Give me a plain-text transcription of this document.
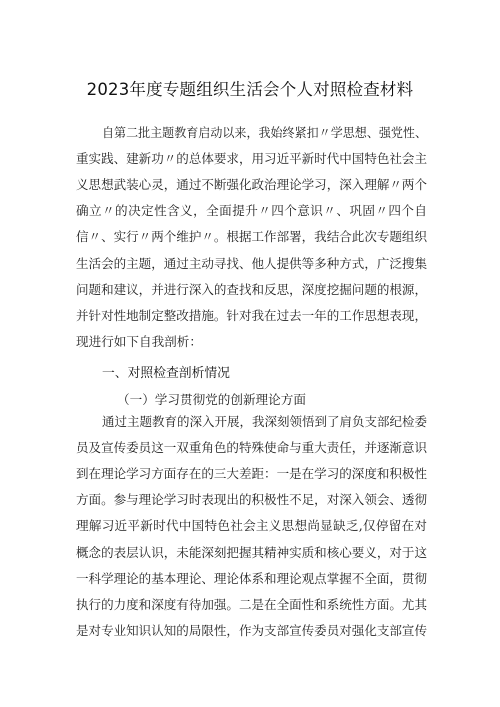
2023年度专题组织生活会个人对照检查材料
自第二批主题教育启动以来，我始终紧扣〃学思想、强党性、
重实践、建新功〃的总体要求，用习近平新时代中国特色社会主
义思想武装心灵，通过不断强化政治理论学习，深入理解〃两个
确立〃的决定性含义，全面提升〃四个意识〃、巩固〃四个自
信〃、实行〃两个维护〃。根据工作部署，我结合此次专题组织
生活会的主题，通过主动寻找、他人提供等多种方式，广泛搜集
问题和建议，并进行深入的查找和反思，深度挖掘问题的根源，
并针对性地制定整改措施。针对我在过去一年的工作思想表现，
现进行如下自我剖析：
一、对照检查剖析情况
（一）学习贯彻党的创新理论方面
通过主题教育的深入开展，我深刻领悟到了肩负支部纪检委
员及宣传委员这一双重角色的特殊使命与重大责任，并逐渐意识
到在理论学习方面存在的三大差距：一是在学习的深度和积极性
方面。参与理论学习时表现出的积极性不足，对深入领会、透彻
理解习近平新时代中国特色社会主义思想尚显缺乏,仅停留在对
概念的表层认识，未能深刻把握其精神实质和核心要义，对于这
一科学理论的基本理论、理论体系和理论观点掌握不全面，贯彻
执行的力度和深度有待加强。二是在全面性和系统性方面。尤其
是对专业知识认知的局限性，作为支部宣传委员对强化支部宣传
